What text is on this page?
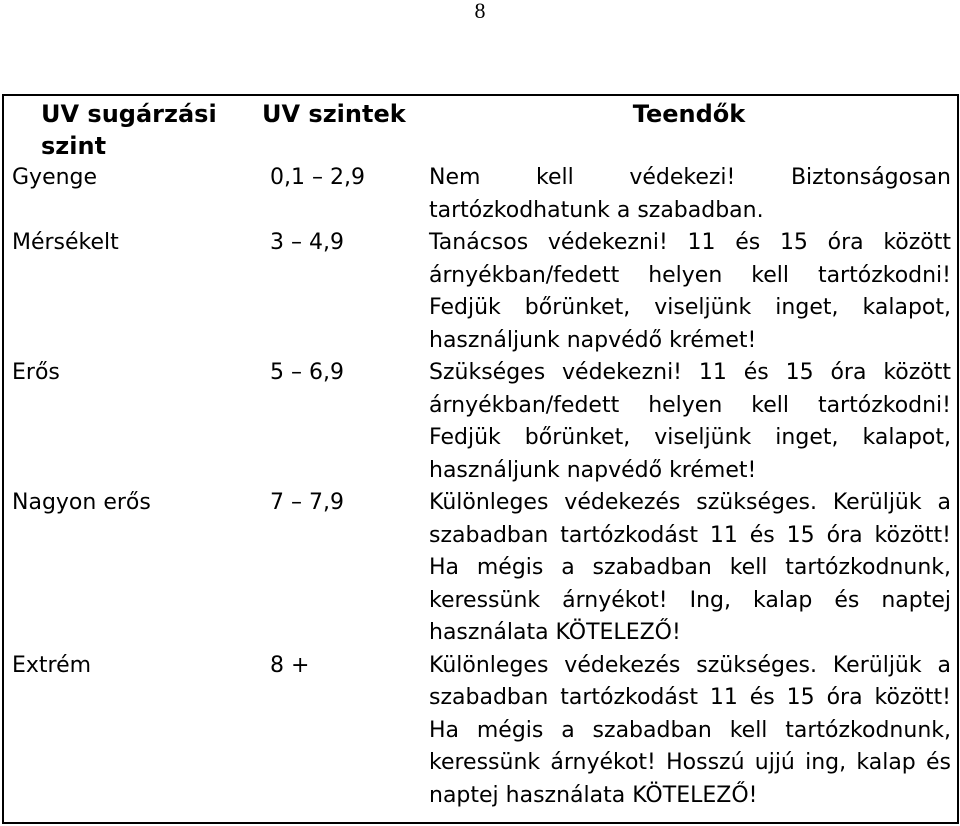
8
UV sugárzási szint	UV szintek	Teendők
Gyenge	0,1 – 2,9	Nem kell védekezi! Biztonságosan tartózkodhatunk a szabadban.
Mérsékelt	3 – 4,9	Tanácsos védekezni! 11 és 15 óra között árnyékban/fedett helyen kell tartózkodni! Fedjük bőrünket, viseljünk inget, kalapot, használjunk napvédő krémet!
Erős	5 – 6,9	Szükséges védekezni! 11 és 15 óra között árnyékban/fedett helyen kell tartózkodni! Fedjük bőrünket, viseljünk inget, kalapot, használjunk napvédő krémet!
Nagyon erős	7 – 7,9	Különleges védekezés szükséges. Kerüljük a szabadban tartózkodást 11 és 15 óra között! Ha mégis a szabadban kell tartózkodnunk, keressünk árnyékot! Ing, kalap és naptej használata KÖTELEZŐ!
Extrém	8 +	Különleges védekezés szükséges. Kerüljük a szabadban tartózkodást 11 és 15 óra között! Ha mégis a szabadban kell tartózkodnunk, keressünk árnyékot! Hosszú ujjú ing, kalap és naptej használata KÖTELEZŐ!
